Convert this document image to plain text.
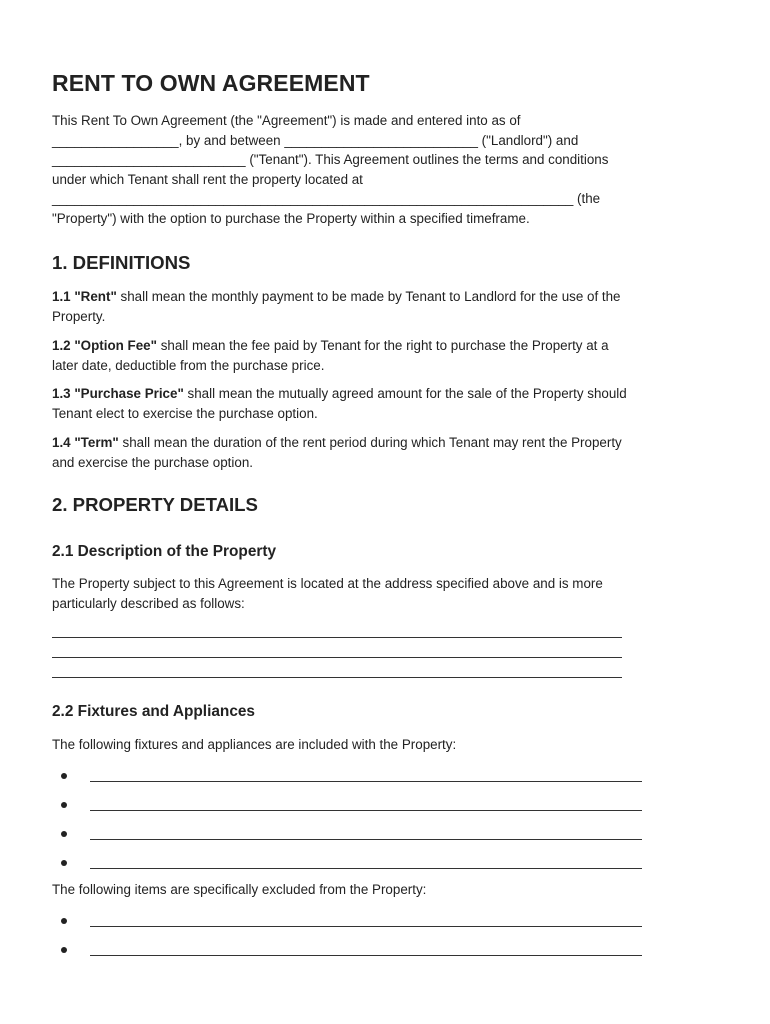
RENT TO OWN AGREEMENT
This Rent To Own Agreement (the "Agreement") is made and entered into as of
_________________, by and between __________________________ ("Landlord") and
__________________________ ("Tenant"). This Agreement outlines the terms and conditions
under which Tenant shall rent the property located at
______________________________________________________________________ (the
"Property") with the option to purchase the Property within a specified timeframe.
1. DEFINITIONS
1.1 "Rent" shall mean the monthly payment to be made by Tenant to Landlord for the use of the
Property.
1.2 "Option Fee" shall mean the fee paid by Tenant for the right to purchase the Property at a
later date, deductible from the purchase price.
1.3 "Purchase Price" shall mean the mutually agreed amount for the sale of the Property should
Tenant elect to exercise the purchase option.
1.4 "Term" shall mean the duration of the rent period during which Tenant may rent the Property
and exercise the purchase option.
2. PROPERTY DETAILS
2.1 Description of the Property
The Property subject to this Agreement is located at the address specified above and is more
particularly described as follows:
2.2 Fixtures and Appliances
The following fixtures and appliances are included with the Property:
The following items are specifically excluded from the Property:
